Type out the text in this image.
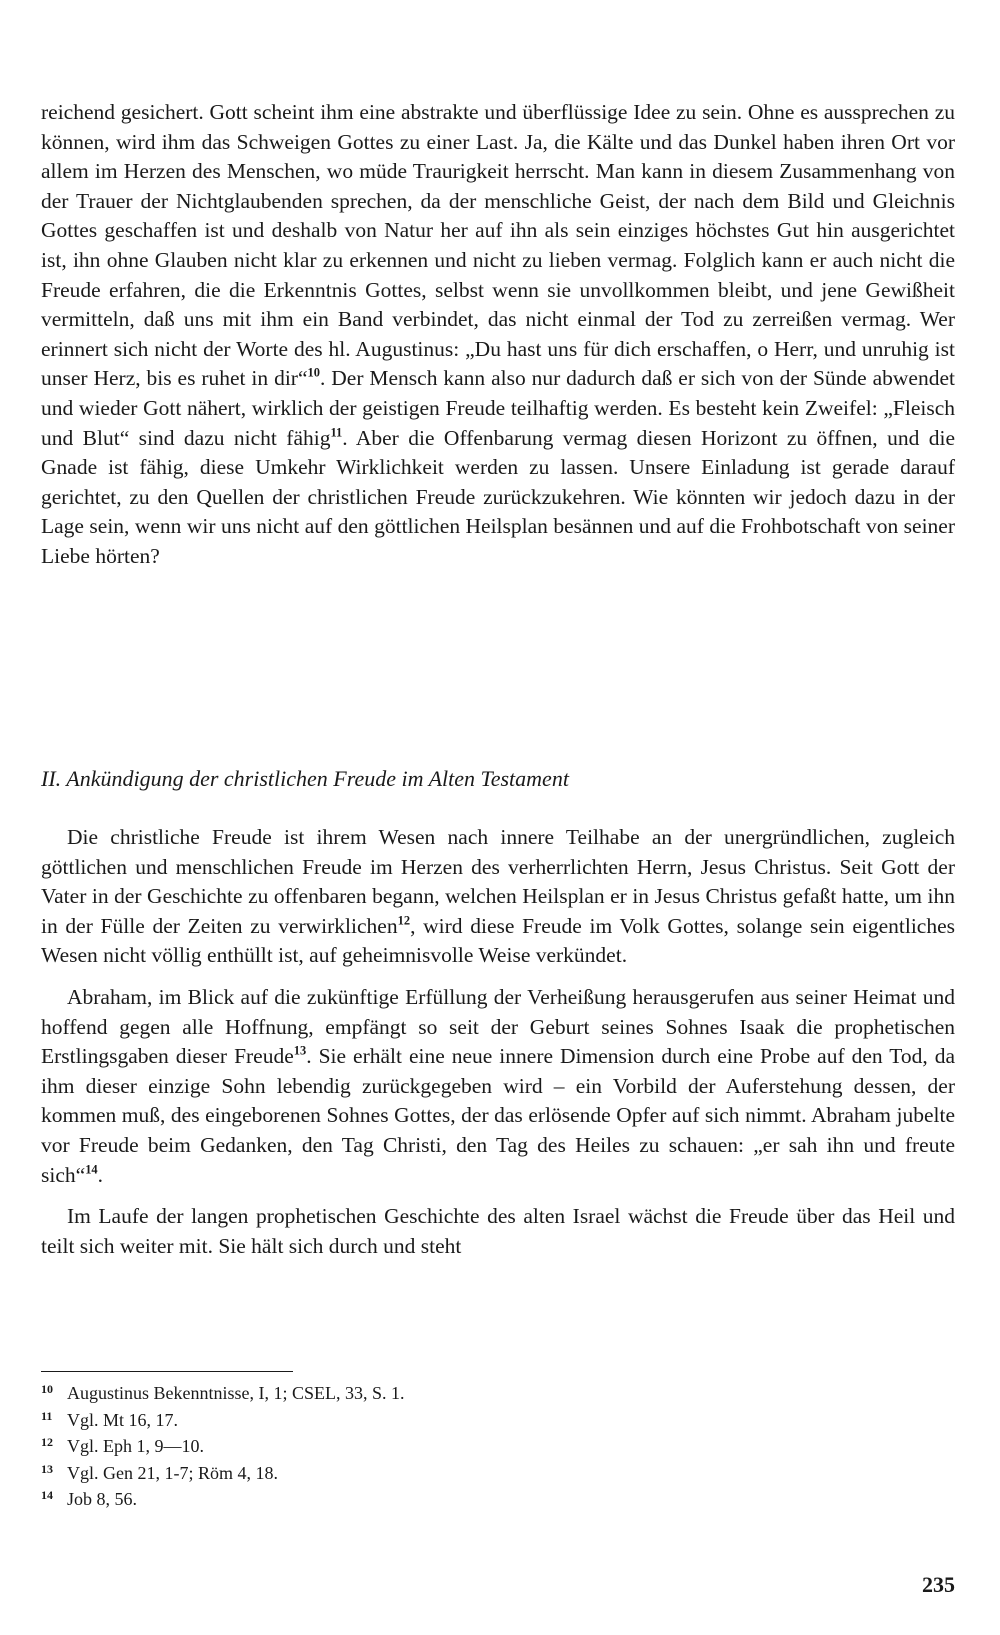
reichend gesichert. Gott scheint ihm eine abstrakte und überflüssige Idee zu sein. Ohne es aussprechen zu können, wird ihm das Schweigen Gottes zu einer Last. Ja, die Kälte und das Dunkel haben ihren Ort vor allem im Herzen des Menschen, wo müde Traurigkeit herrscht. Man kann in diesem Zusammenhang von der Trauer der Nichtglaubenden sprechen, da der menschliche Geist, der nach dem Bild und Gleichnis Gottes geschaffen ist und deshalb von Natur her auf ihn als sein einziges höchstes Gut hin ausgerichtet ist, ihn ohne Glauben nicht klar zu erkennen und nicht zu lieben vermag. Folglich kann er auch nicht die Freude erfahren, die die Erkenntnis Gottes, selbst wenn sie unvollkommen bleibt, und jene Gewißheit vermitteln, daß uns mit ihm ein Band verbindet, das nicht einmal der Tod zu zerreißen vermag. Wer erinnert sich nicht der Worte des hl. Augustinus: „Du hast uns für dich erschaffen, o Herr, und unruhig ist unser Herz, bis es ruhet in dir“$^{10}$. Der Mensch kann also nur dadurch daß er sich von der Sünde abwendet und wieder Gott nähert, wirklich der geistigen Freude teilhaftig werden. Es besteht kein Zweifel: „Fleisch und Blut“ sind dazu nicht fähig$^{11}$. Aber die Offenbarung vermag diesen Horizont zu öffnen, und die Gnade ist fähig, diese Umkehr Wirklichkeit werden zu lassen. Unsere Einladung ist gerade darauf gerichtet, zu den Quellen der christlichen Freude zurückzukehren. Wie könnten wir jedoch dazu in der Lage sein, wenn wir uns nicht auf den göttlichen Heilsplan besännen und auf die Frohbotschaft von seiner Liebe hörten?

II. Ankündigung der christlichen Freude im Alten Testament

Die christliche Freude ist ihrem Wesen nach innere Teilhabe an der unergründlichen, zugleich göttlichen und menschlichen Freude im Herzen des verherrlichten Herrn, Jesus Christus. Seit Gott der Vater in der Geschichte zu offenbaren begann, welchen Heilsplan er in Jesus Christus gefaßt hatte, um ihn in der Fülle der Zeiten zu verwirklichen$^{12}$, wird diese Freude im Volk Gottes, solange sein eigentliches Wesen nicht völlig enthüllt ist, auf geheimnisvolle Weise verkündet.

Abraham, im Blick auf die zukünftige Erfüllung der Verheißung herausgerufen aus seiner Heimat und hoffend gegen alle Hoffnung, empfängt so seit der Geburt seines Sohnes Isaak die prophetischen Erstlingsgaben dieser Freude$^{13}$. Sie erhält eine neue innere Dimension durch eine Probe auf den Tod, da ihm dieser einzige Sohn lebendig zurückgegeben wird – ein Vorbild der Auferstehung dessen, der kommen muß, des eingeborenen Sohnes Gottes, der das erlösende Opfer auf sich nimmt. Abraham jubelte vor Freude beim Gedanken, den Tag Christi, den Tag des Heiles zu schauen: „er sah ihn und freute sich“$^{14}$.

Im Laufe der langen prophetischen Geschichte des alten Israel wächst die Freude über das Heil und teilt sich weiter mit. Sie hält sich durch und steht

10 Augustinus Bekenntnisse, I, 1; CSEL, 33, S. 1.
11 Vgl. Mt 16, 17.
12 Vgl. Eph 1, 9—10.
13 Vgl. Gen 21, 1-7; Röm 4, 18.
14 Job 8, 56.
235
